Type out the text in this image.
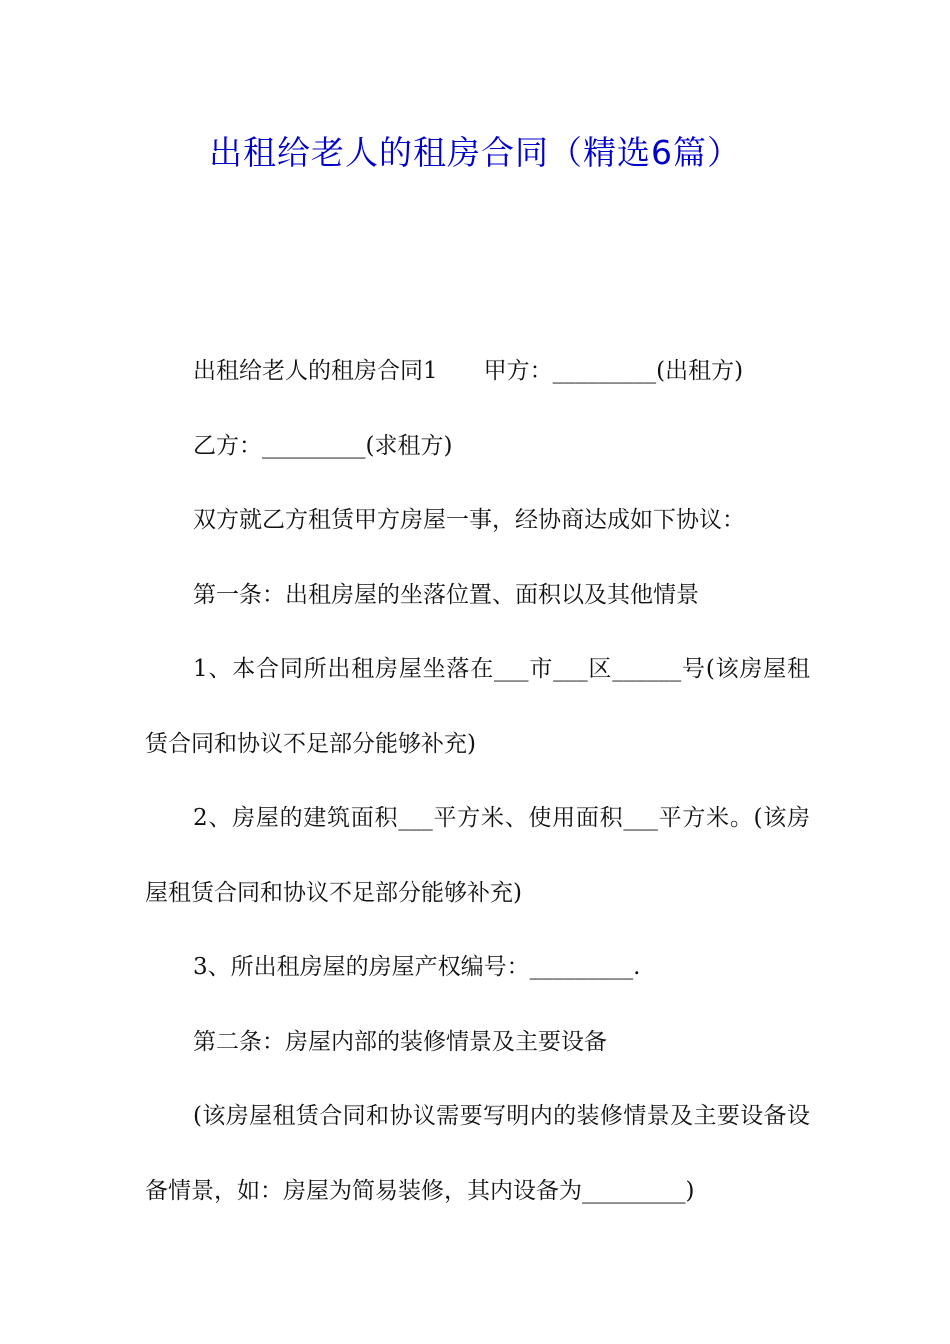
出租给老人的租房合同（精选6篇）

出租给老人的租房合同1　　甲方：_________(出租方)

乙方：_________(求租方)

双方就乙方租赁甲方房屋一事，经协商达成如下协议：

第一条：出租房屋的坐落位置、面积以及其他情景

1、本合同所出租房屋坐落在___市___区______号(该房屋租赁合同和协议不足部分能够补充)

2、房屋的建筑面积___平方米、使用面积___平方米。(该房屋租赁合同和协议不足部分能够补充)

3、所出租房屋的房屋产权编号：_________.

第二条：房屋内部的装修情景及主要设备

(该房屋租赁合同和协议需要写明内的装修情景及主要设备设备情景，如：房屋为简易装修，其内设备为_________)
